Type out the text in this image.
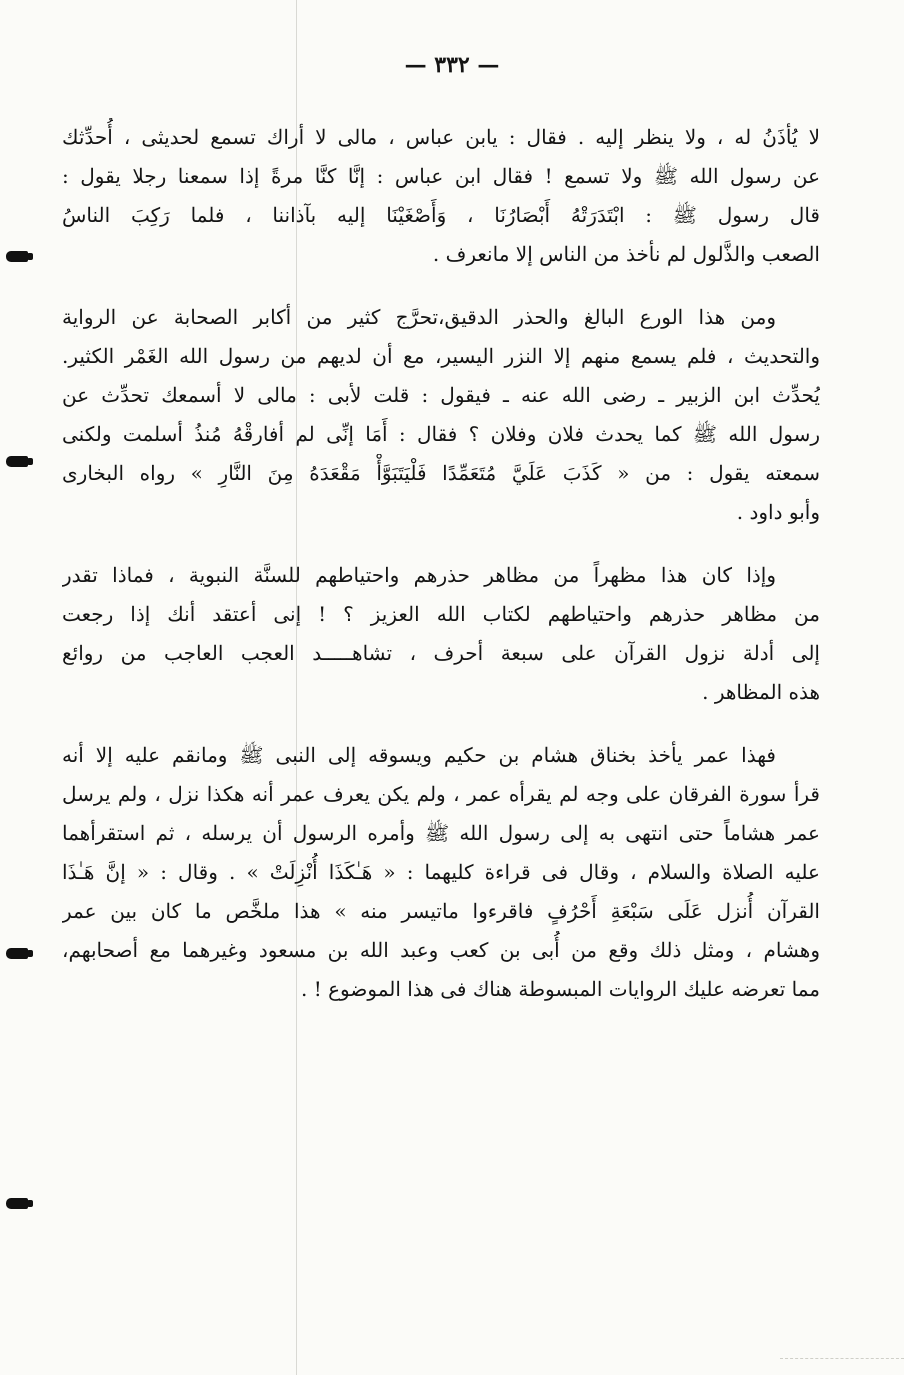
— ٣٣٢ —
لا يُأذَنُ له ، ولا ينظر إليه . فقال : يابن عباس ، مالى لا أراك تسمع لحديثى ، أُحدِّثك
عن رسول الله ﷺ ولا تسمع ! فقال ابن عباس : إنَّا كنَّا مرةً إذا سمعنا رجلا يقول :
قال رسول ﷺ : ابْتَدَرَتْهُ أَبْصَارُنَا ، وَأَصْغَيْنَا إليه بآذاننا ، فلما رَكِبَ الناسُ
الصعب والذَّلول لم نأخذ من الناس إلا مانعرف .
ومن هذا الورع البالغ والحذر الدقيق،تحرَّج كثير من أكابر الصحابة عن الرواية
والتحديث ، فلم يسمع منهم إلا النزر اليسير، مع أن لديهم من رسول الله الغَمْر الكثير.
يُحدِّث ابن الزبير ـ رضى الله عنه ـ فيقول : قلت لأبى : مالى لا أسمعك تحدِّث عن
رسول الله ﷺ كما يحدث فلان وفلان ؟ فقال : أَمَا إنِّى لم أفارقْهُ مُنذُ أسلمت ولكنى
سمعته يقول : من « كَذَبَ عَلَيَّ مُتَعَمِّدًا فَلْيَتَبَوَّأْ مَقْعَدَهُ مِنَ النَّارِ » رواه البخارى
وأبو داود .
وإذا كان هذا مظهراً من مظاهر حذرهم واحتياطهم للسنَّة النبوية ، فماذا تقدر
من مظاهر حذرهم واحتياطهم لكتاب الله العزيز ؟ ! إنى أعتقد أنك إذا رجعت
إلى أدلة نزول القرآن على سبعة أحرف ، تشاهـــــد العجب العاجب من روائع
هذه المظاهر .
فهذا عمر يأخذ بخناق هشام بن حكيم ويسوقه إلى النبى ﷺ ومانقم عليه إلا أنه
قرأ سورة الفرقان على وجه لم يقرأه عمر ، ولم يكن يعرف عمر أنه هكذا نزل ، ولم يرسل
عمر هشاماً حتى انتهى به إلى رسول الله ﷺ وأمره الرسول أن يرسله ، ثم استقرأهما
عليه الصلاة والسلام ، وقال فى قراءة كليهما : « هَـٰكَذَا أُنْزِلَتْ » . وقال : « إنَّ هَـٰذَا
القرآن أُنزل عَلَى سَبْعَةِ أَحْرُفٍ فاقرءوا ماتيسر منه » هذا ملخَّص ما كان بين عمر
وهشام ، ومثل ذلك وقع من أُبى بن كعب وعبد الله بن مسعود وغيرهما مع أصحابهم،
مما تعرضه عليك الروايات المبسوطة هناك فى هذا الموضوع ! .
